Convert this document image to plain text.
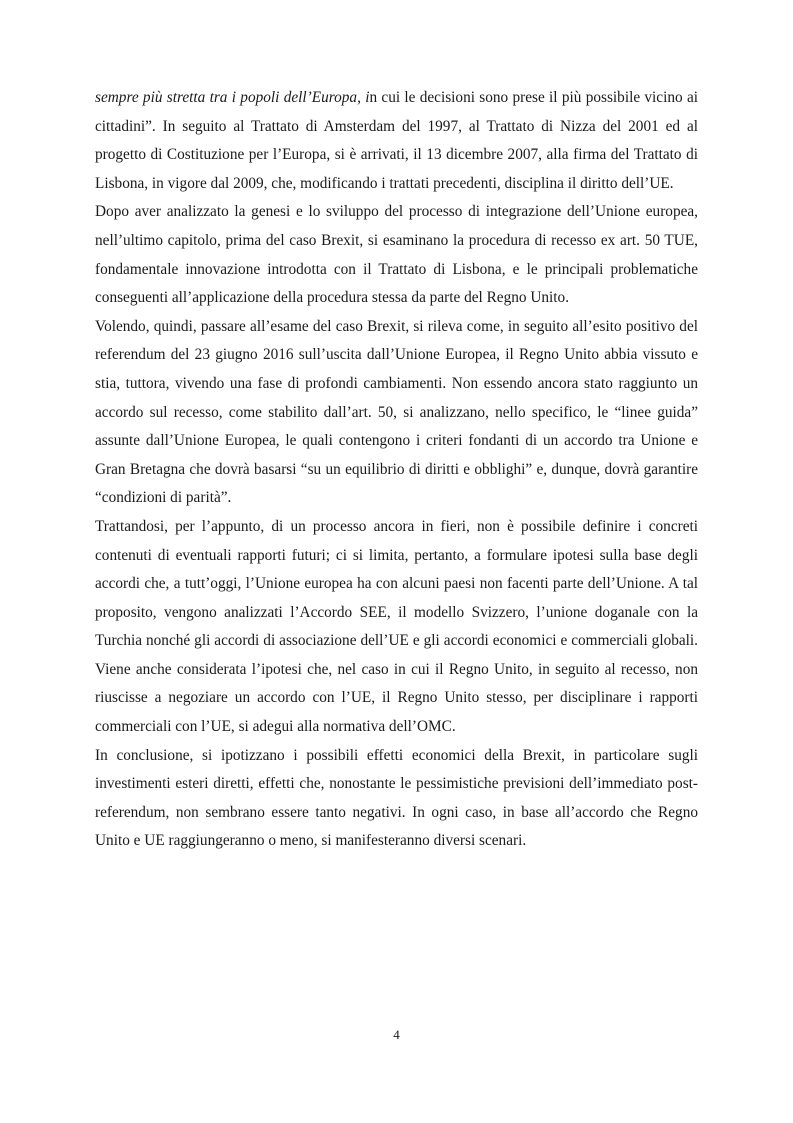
sempre più stretta tra i popoli dell’Europa, in cui le decisioni sono prese il più possibile vicino ai cittadini”. In seguito al Trattato di Amsterdam del 1997, al Trattato di Nizza del 2001 ed al progetto di Costituzione per l’Europa, si è arrivati, il 13 dicembre 2007, alla firma del Trattato di Lisbona, in vigore dal 2009, che, modificando i trattati precedenti, disciplina il diritto dell’UE.

Dopo aver analizzato la genesi e lo sviluppo del processo di integrazione dell’Unione europea, nell’ultimo capitolo, prima del caso Brexit, si esaminano la procedura di recesso ex art. 50 TUE, fondamentale innovazione introdotta con il Trattato di Lisbona, e le principali problematiche conseguenti all’applicazione della procedura stessa da parte del Regno Unito.

Volendo, quindi, passare all’esame del caso Brexit, si rileva come, in seguito all’esito positivo del referendum del 23 giugno 2016 sull’uscita dall’Unione Europea, il Regno Unito abbia vissuto e stia, tuttora, vivendo una fase di profondi cambiamenti. Non essendo ancora stato raggiunto un accordo sul recesso, come stabilito dall’art. 50, si analizzano, nello specifico, le “linee guida” assunte dall’Unione Europea, le quali contengono i criteri fondanti di un accordo tra Unione e Gran Bretagna che dovrà basarsi “su un equilibrio di diritti e obblighi” e, dunque, dovrà garantire “condizioni di parità”.

Trattandosi, per l’appunto, di un processo ancora in fieri, non è possibile definire i concreti contenuti di eventuali rapporti futuri; ci si limita, pertanto, a formulare ipotesi sulla base degli accordi che, a tutt’oggi, l’Unione europea ha con alcuni paesi non facenti parte dell’Unione. A tal proposito, vengono analizzati l’Accordo SEE, il modello Svizzero, l’unione doganale con la Turchia nonché gli accordi di associazione dell’UE e gli accordi economici e commerciali globali. Viene anche considerata l’ipotesi che, nel caso in cui il Regno Unito, in seguito al recesso, non riuscisse a negoziare un accordo con l’UE, il Regno Unito stesso, per disciplinare i rapporti commerciali con l’UE, si adegui alla normativa dell’OMC.

In conclusione, si ipotizzano i possibili effetti economici della Brexit, in particolare sugli investimenti esteri diretti, effetti che, nonostante le pessimistiche previsioni dell’immediato post-referendum, non sembrano essere tanto negativi. In ogni caso, in base all’accordo che Regno Unito e UE raggiungeranno o meno, si manifesteranno diversi scenari.

4
